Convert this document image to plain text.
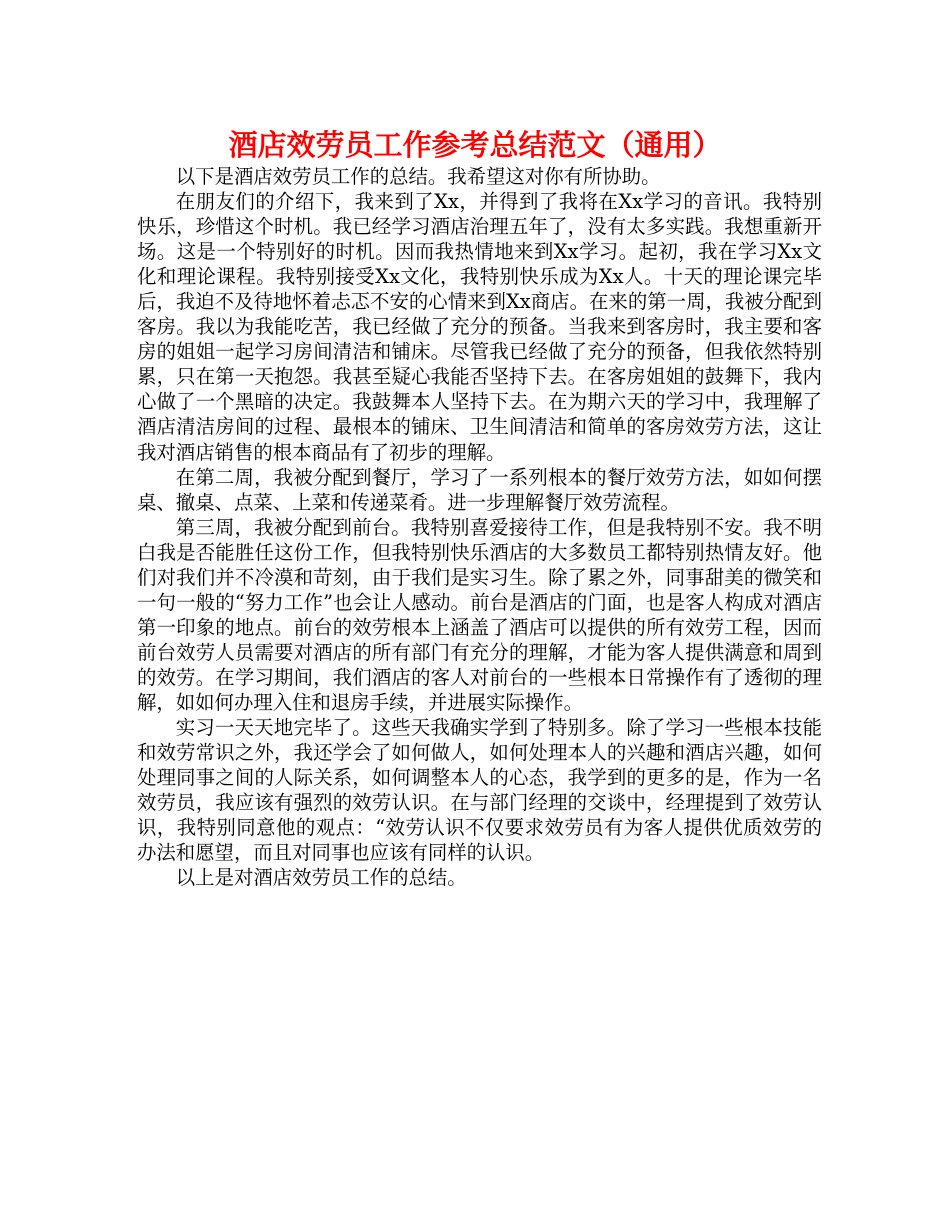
酒店效劳员工作参考总结范文（通用）

以下是酒店效劳员工作的总结。我希望这对你有所协助。

在朋友们的介绍下，我来到了Xx，并得到了我将在Xx学习的音讯。我特别快乐，珍惜这个时机。我已经学习酒店治理五年了，没有太多实践。我想重新开场。这是一个特别好的时机。因而我热情地来到Xx学习。起初，我在学习Xx文化和理论课程。我特别接受Xx文化，我特别快乐成为Xx人。十天的理论课完毕后，我迫不及待地怀着忐忑不安的心情来到Xx商店。在来的第一周，我被分配到客房。我以为我能吃苦，我已经做了充分的预备。当我来到客房时，我主要和客房的姐姐一起学习房间清洁和铺床。尽管我已经做了充分的预备，但我依然特别累，只在第一天抱怨。我甚至疑心我能否坚持下去。在客房姐姐的鼓舞下，我内心做了一个黑暗的决定。我鼓舞本人坚持下去。在为期六天的学习中，我理解了酒店清洁房间的过程、最根本的铺床、卫生间清洁和简单的客房效劳方法，这让我对酒店销售的根本商品有了初步的理解。

在第二周，我被分配到餐厅，学习了一系列根本的餐厅效劳方法，如如何摆桌、撤桌、点菜、上菜和传递菜肴。进一步理解餐厅效劳流程。

第三周，我被分配到前台。我特别喜爱接待工作，但是我特别不安。我不明白我是否能胜任这份工作，但我特别快乐酒店的大多数员工都特别热情友好。他们对我们并不冷漠和苛刻，由于我们是实习生。除了累之外，同事甜美的微笑和一句一般的“努力工作”也会让人感动。前台是酒店的门面，也是客人构成对酒店第一印象的地点。前台的效劳根本上涵盖了酒店可以提供的所有效劳工程，因而前台效劳人员需要对酒店的所有部门有充分的理解，才能为客人提供满意和周到的效劳。在学习期间，我们酒店的客人对前台的一些根本日常操作有了透彻的理解，如如何办理入住和退房手续，并进展实际操作。

实习一天天地完毕了。这些天我确实学到了特别多。除了学习一些根本技能和效劳常识之外，我还学会了如何做人，如何处理本人的兴趣和酒店兴趣，如何处理同事之间的人际关系，如何调整本人的心态，我学到的更多的是，作为一名效劳员，我应该有强烈的效劳认识。在与部门经理的交谈中，经理提到了效劳认识，我特别同意他的观点：“效劳认识不仅要求效劳员有为客人提供优质效劳的办法和愿望，而且对同事也应该有同样的认识。

以上是对酒店效劳员工作的总结。
